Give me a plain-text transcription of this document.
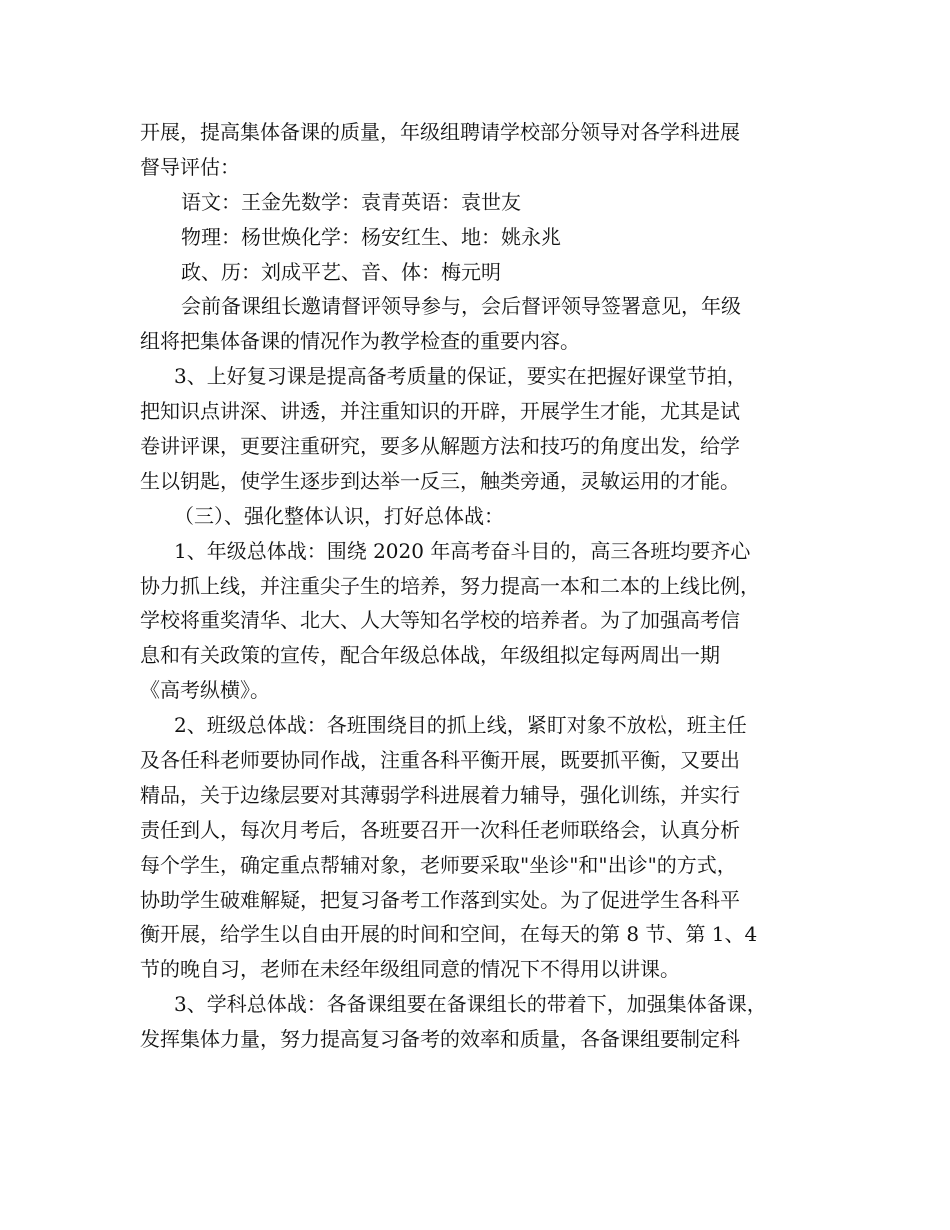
开展，提高集体备课的质量，年级组聘请学校部分领导对各学科进展
督导评估：
语文：王金先数学：袁青英语：袁世友
物理：杨世焕化学：杨安红生、地：姚永兆
政、历：刘成平艺、音、体：梅元明
会前备课组长邀请督评领导参与，会后督评领导签署意见，年级
组将把集体备课的情况作为教学检查的重要内容。
3、上好复习课是提高备考质量的保证，要实在把握好课堂节拍，
把知识点讲深、讲透，并注重知识的开辟，开展学生才能，尤其是试
卷讲评课，更要注重研究，要多从解题方法和技巧的角度出发，给学
生以钥匙，使学生逐步到达举一反三，触类旁通，灵敏运用的才能。
（三）、强化整体认识，打好总体战：
1、年级总体战：围绕 2020 年高考奋斗目的，高三各班均要齐心
协力抓上线，并注重尖子生的培养，努力提高一本和二本的上线比例，
学校将重奖清华、北大、人大等知名学校的培养者。为了加强高考信
息和有关政策的宣传，配合年级总体战，年级组拟定每两周出一期
《高考纵横》。
2、班级总体战：各班围绕目的抓上线，紧盯对象不放松，班主任
及各任科老师要协同作战，注重各科平衡开展，既要抓平衡，又要出
精品，关于边缘层要对其薄弱学科进展着力辅导，强化训练，并实行
责任到人，每次月考后，各班要召开一次科任老师联络会，认真分析
每个学生，确定重点帮辅对象，老师要采取"坐诊"和"出诊"的方式，
协助学生破难解疑，把复习备考工作落到实处。为了促进学生各科平
衡开展，给学生以自由开展的时间和空间，在每天的第 8 节、第 1、4
节的晚自习，老师在未经年级组同意的情况下不得用以讲课。
3、学科总体战：各备课组要在备课组长的带着下，加强集体备课，
发挥集体力量，努力提高复习备考的效率和质量，各备课组要制定科
